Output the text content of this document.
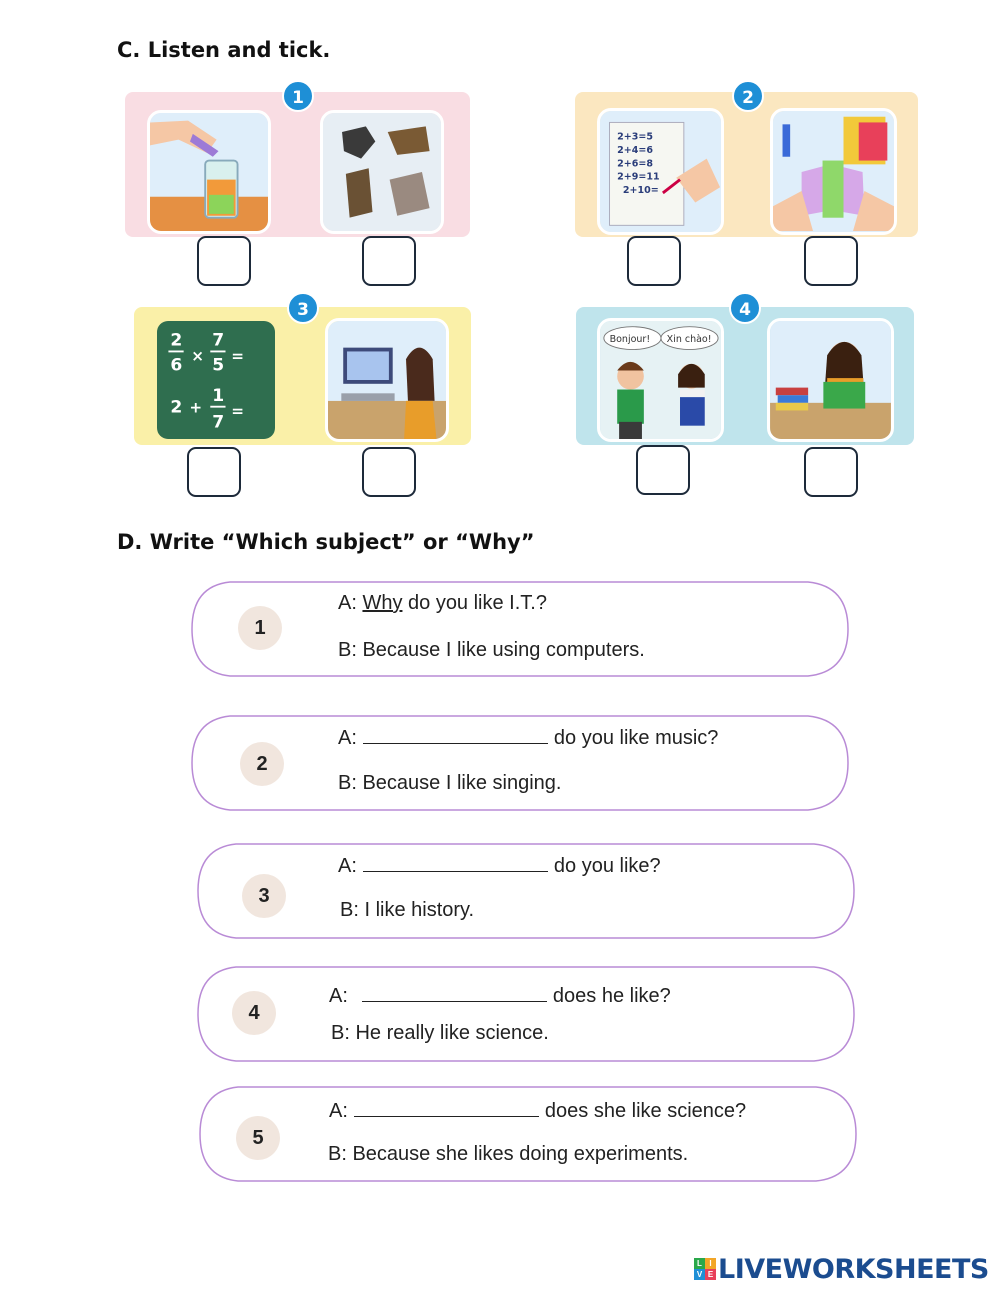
C. Listen and tick.
1	2
2+3=5
2+4=6
2+6=8
2+9=11
2+10=
3
2
6 ×
7
5 =
2 +
1
7
=
4
Bonjour! Xin chào!
D. Write “Which subject” or “Why”
1
A: Why do you like I.T.?
B: Because I like using computers.
2
A:	do you like music?
B: Because I like singing.
3
A:	do you like?
B: I like history.
4
A:	does he like?
B: He really like science.
5
A:	does she like science?
B: Because she likes doing experiments.
L I
V E LIVEWORKSHEETS
